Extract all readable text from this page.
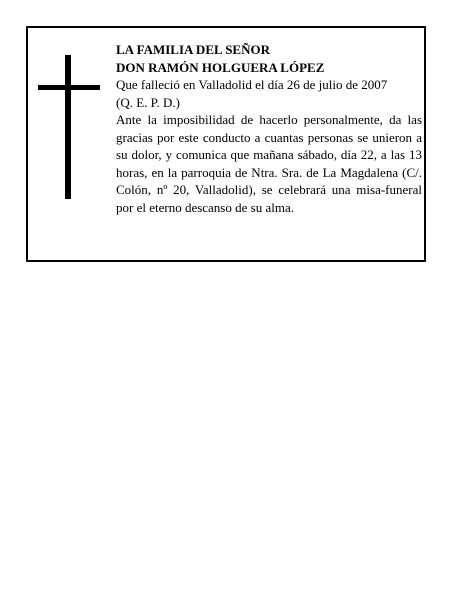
LA FAMILIA DEL SEÑOR
DON RAMÓN HOLGUERA LÓPEZ
Que falleció en Valladolid el día 26 de julio de 2007
(Q. E. P. D.)

Ante la imposibilidad de hacerlo personalmente, da las gracias por este conducto a cuantas personas se unieron a su dolor, y comunica que mañana sábado, día 22, a las 13 horas, en la parroquia de Ntra. Sra. de La Magdalena (C/. Colón, nº 20, Valladolid), se celebrará una misa-funeral por el eterno descanso de su alma.
